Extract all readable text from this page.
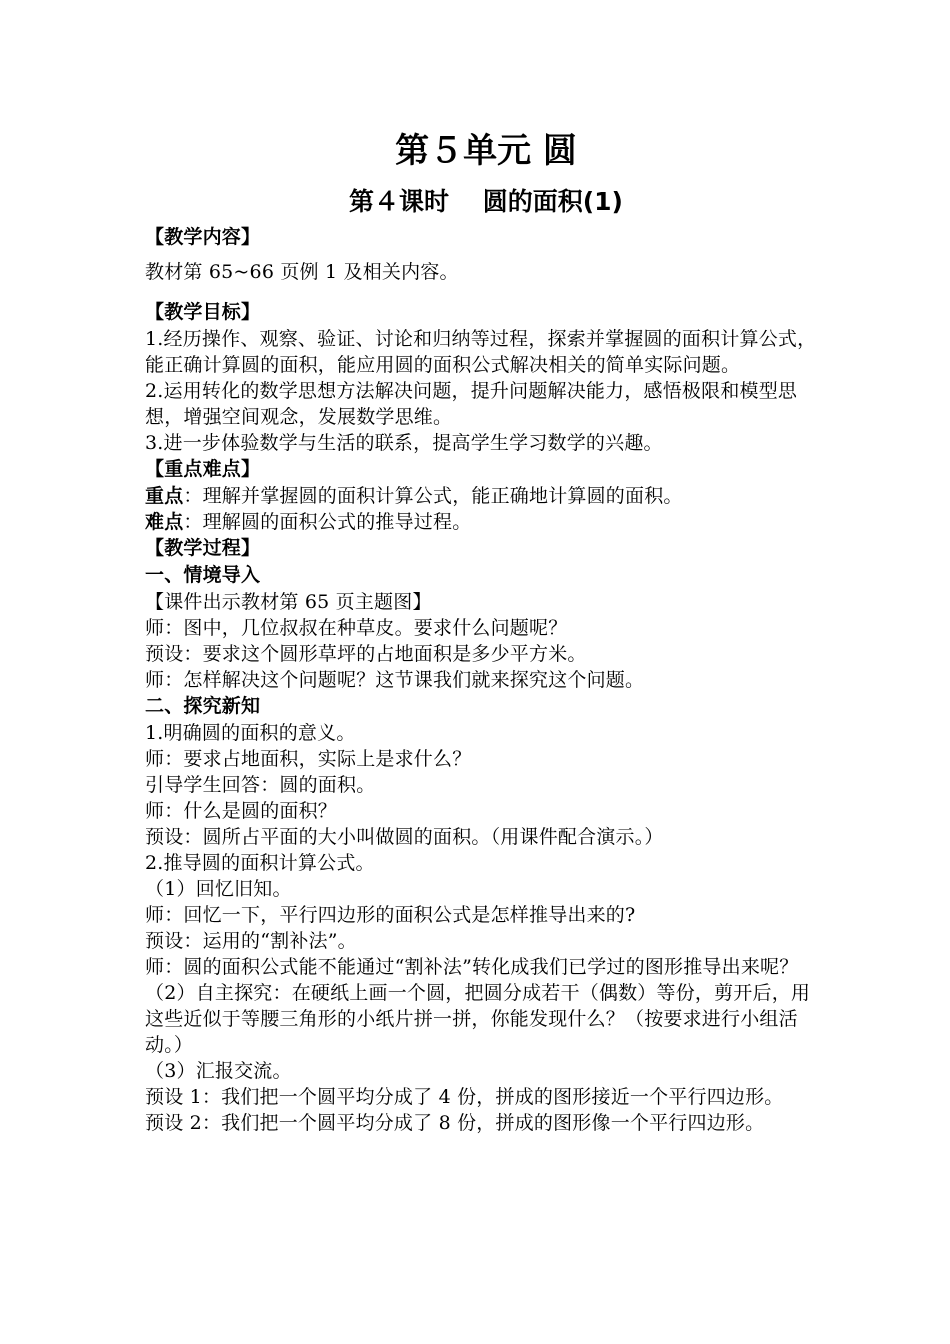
第５单元 圆
第４课时　 圆的面积(1)
【教学内容】
教材第 65~66 页例 1 及相关内容。
【教学目标】
1.经历操作、观察、验证、讨论和归纳等过程，探索并掌握圆的面积计算公式，能正确计算圆的面积，能应用圆的面积公式解决相关的简单实际问题。
2.运用转化的数学思想方法解决问题，提升问题解决能力，感悟极限和模型思想，增强空间观念，发展数学思维。
3.进一步体验数学与生活的联系，提高学生学习数学的兴趣。
【重点难点】
重点：理解并掌握圆的面积计算公式，能正确地计算圆的面积。
难点：理解圆的面积公式的推导过程。
【教学过程】
一、情境导入
【课件出示教材第 65 页主题图】
师：图中，几位叔叔在种草皮。要求什么问题呢？
预设：要求这个圆形草坪的占地面积是多少平方米。
师：怎样解决这个问题呢？这节课我们就来探究这个问题。
二、探究新知
1.明确圆的面积的意义。
师：要求占地面积，实际上是求什么？
引导学生回答：圆的面积。
师：什么是圆的面积？
预设：圆所占平面的大小叫做圆的面积。（用课件配合演示。）
2.推导圆的面积计算公式。
（1）回忆旧知。
师：回忆一下，平行四边形的面积公式是怎样推导出来的?
预设：运用的“割补法”。
师：圆的面积公式能不能通过“割补法”转化成我们已学过的图形推导出来呢？
（2）自主探究：在硬纸上画一个圆，把圆分成若干（偶数）等份，剪开后，用这些近似于等腰三角形的小纸片拼一拼，你能发现什么？（按要求进行小组活动。）
（3）汇报交流。
预设 1：我们把一个圆平均分成了 4 份，拼成的图形接近一个平行四边形。
预设 2：我们把一个圆平均分成了 8 份，拼成的图形像一个平行四边形。
